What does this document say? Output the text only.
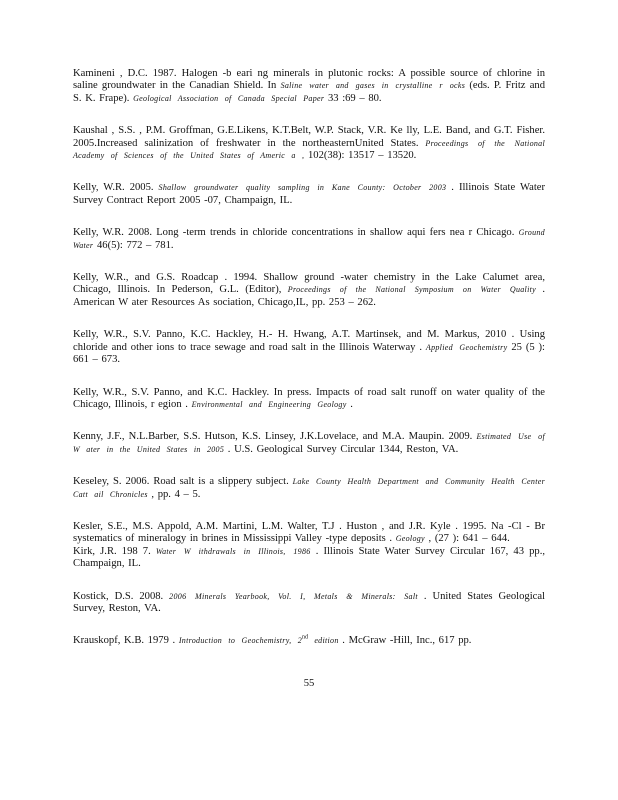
Kamineni , D.C. 1987. Halogen -b eari ng minerals in plutonic rocks: A possible source of chlorine in saline groundwater in the Canadian Shield. In Saline water and gases in crystalline r ocks (eds. P. Fritz and S. K. Frape). Geological Association of Canada Special Paper 33 :69 – 80.

Kaushal , S.S. , P.M. Groffman, G.E.Likens, K.T.Belt, W.P. Stack, V.R. Ke lly, L.E. Band, and G.T. Fisher. 2005.Increased salinization of freshwater in the northeasternUnited States. Proceedings of the National Academy of Sciences of the United States of Americ a , 102(38): 13517 – 13520.

Kelly, W.R. 2005. Shallow groundwater quality sampling in Kane County: October 2003 . Illinois State Water Survey Contract Report 2005 -07, Champaign, IL.

Kelly, W.R. 2008. Long -term trends in chloride concentrations in shallow aqui fers nea r Chicago. Ground Water 46(5): 772 – 781.

Kelly, W.R., and G.S. Roadcap . 1994. Shallow ground -water chemistry in the Lake Calumet area, Chicago, Illinois. In Pederson, G.L. (Editor), Proceedings of the National Symposium on Water Quality . American W ater Resources As sociation, Chicago,IL, pp. 253 – 262.

Kelly, W.R., S.V. Panno, K.C. Hackley, H.- H. Hwang, A.T. Martinsek, and M. Markus, 2010 . Using chloride and other ions to trace sewage and road salt in the Illinois Waterway . Applied Geochemistry 25 (5 ): 661 – 673.

Kelly, W.R., S.V. Panno, and K.C. Hackley. In press. Impacts of road salt runoff on water quality of the Chicago, Illinois, r egion . Environmental and Engineering Geology .

Kenny, J.F., N.L.Barber, S.S. Hutson, K.S. Linsey, J.K.Lovelace, and M.A. Maupin. 2009. Estimated Use of W ater in the United States in 2005 . U.S. Geological Survey Circular 1344, Reston, VA.

Keseley, S. 2006. Road salt is a slippery subject. Lake County Health Department and Community Health Center Catt ail Chronicles , pp. 4 – 5.

Kesler, S.E., M.S. Appold, A.M. Martini, L.M. Walter, T.J . Huston , and J.R. Kyle . 1995. Na -Cl - Br systematics of mineralogy in brines in Mississippi Valley -type deposits . Geology , (27 ): 641 – 644.

Kirk, J.R. 198 7. Water W ithdrawals in Illinois, 1986 . Illinois State Water Survey Circular 167, 43 pp., Champaign, IL.

Kostick, D.S. 2008. 2006 Minerals Yearbook, Vol. I, Metals & Minerals: Salt . United States Geological Survey, Reston, VA.

Krauskopf, K.B. 1979 . Introduction to Geochemistry, 2nd edition . McGraw -Hill, Inc., 617 pp.

55
